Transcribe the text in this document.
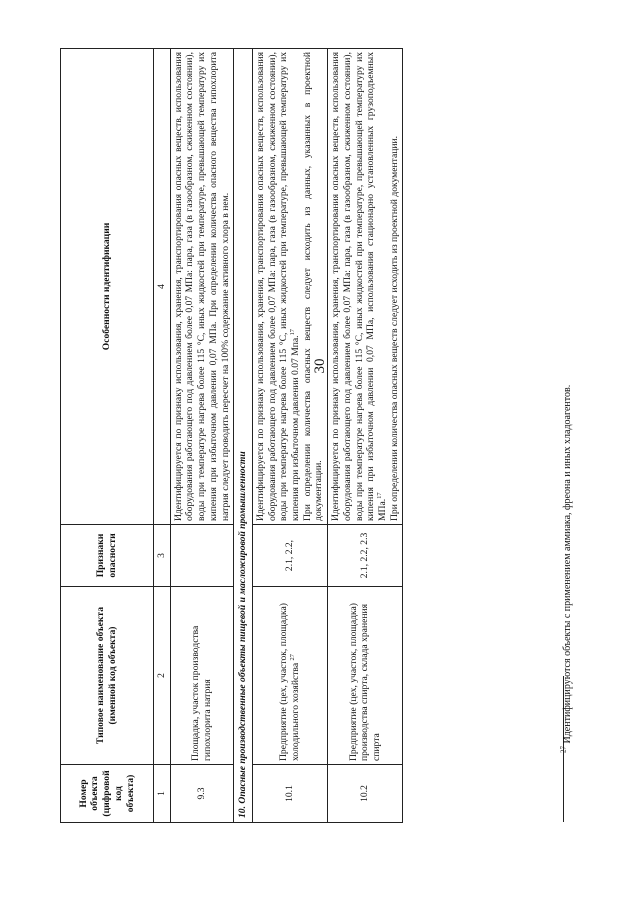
30
Номер объекта (цифровой код объекта)	Типовое наименование объекта (именной код объекта)	Признаки опасности	Особенности идентификации
1	2	3	4
9.3	Площадка, участок производства гипохлорита натрия		Идентифицируется по признаку использования, хранения, транспортирования опасных веществ, использования оборудования работающего под давлением более 0,07 МПа: пара, газа (в газообразном, сжиженном состоянии), воды при температуре нагрева более 115 °С, иных жидкостей при температуре, превышающей температуру их кипения при избыточном давлении 0,07 МПа. При определении количества опасного вещества гипохлорита натрия следует проводить пересчет на 100% содержание активного хлора в нем.
10. Опасные производственные объекты пищевой и масложировой промышленности			
10.1	Предприятие (цех, участок, площадка) холодильного хозяйства $^{27}$	2.1, 2.2,	Идентифицируется по признаку использования, хранения, транспортирования опасных веществ, использования оборудования работающего под давлением более 0,07 МПа: пара, газа (в газообразном, сжиженном состоянии), воды при температуре нагрева более 115 °С, иных жидкостей при температуре, превышающей температуру их кипения при избыточном давлении 0.07 Мпа.$^{17}$ При определении количества опасных веществ следует исходить из данных, указанных в проектной документации.

10.2	Предприятие (цех, участок, площадка) производства спирта, склада хранения спирта	2.1, 2.2, 2.3	Идентифицируется по признаку использования, хранения, транспортирования опасных веществ, использования оборудования работающего под давлением более 0,07 МПа: пара, газа (в газообразном, сжиженном состоянии), воды при температуре нагрева более 115 °С, иных жидкостей при температуре, превышающей температуру их кипения при избыточном давлении 0,07 МПа, использования стационарно установленных грузоподъемных МПа.$^{17}$ При определении количества опасных веществ следует исходить из проектной документации.
$^{27}$ Идентифицируются объекты с применением аммиака, фреона и иных хладоагентов.
